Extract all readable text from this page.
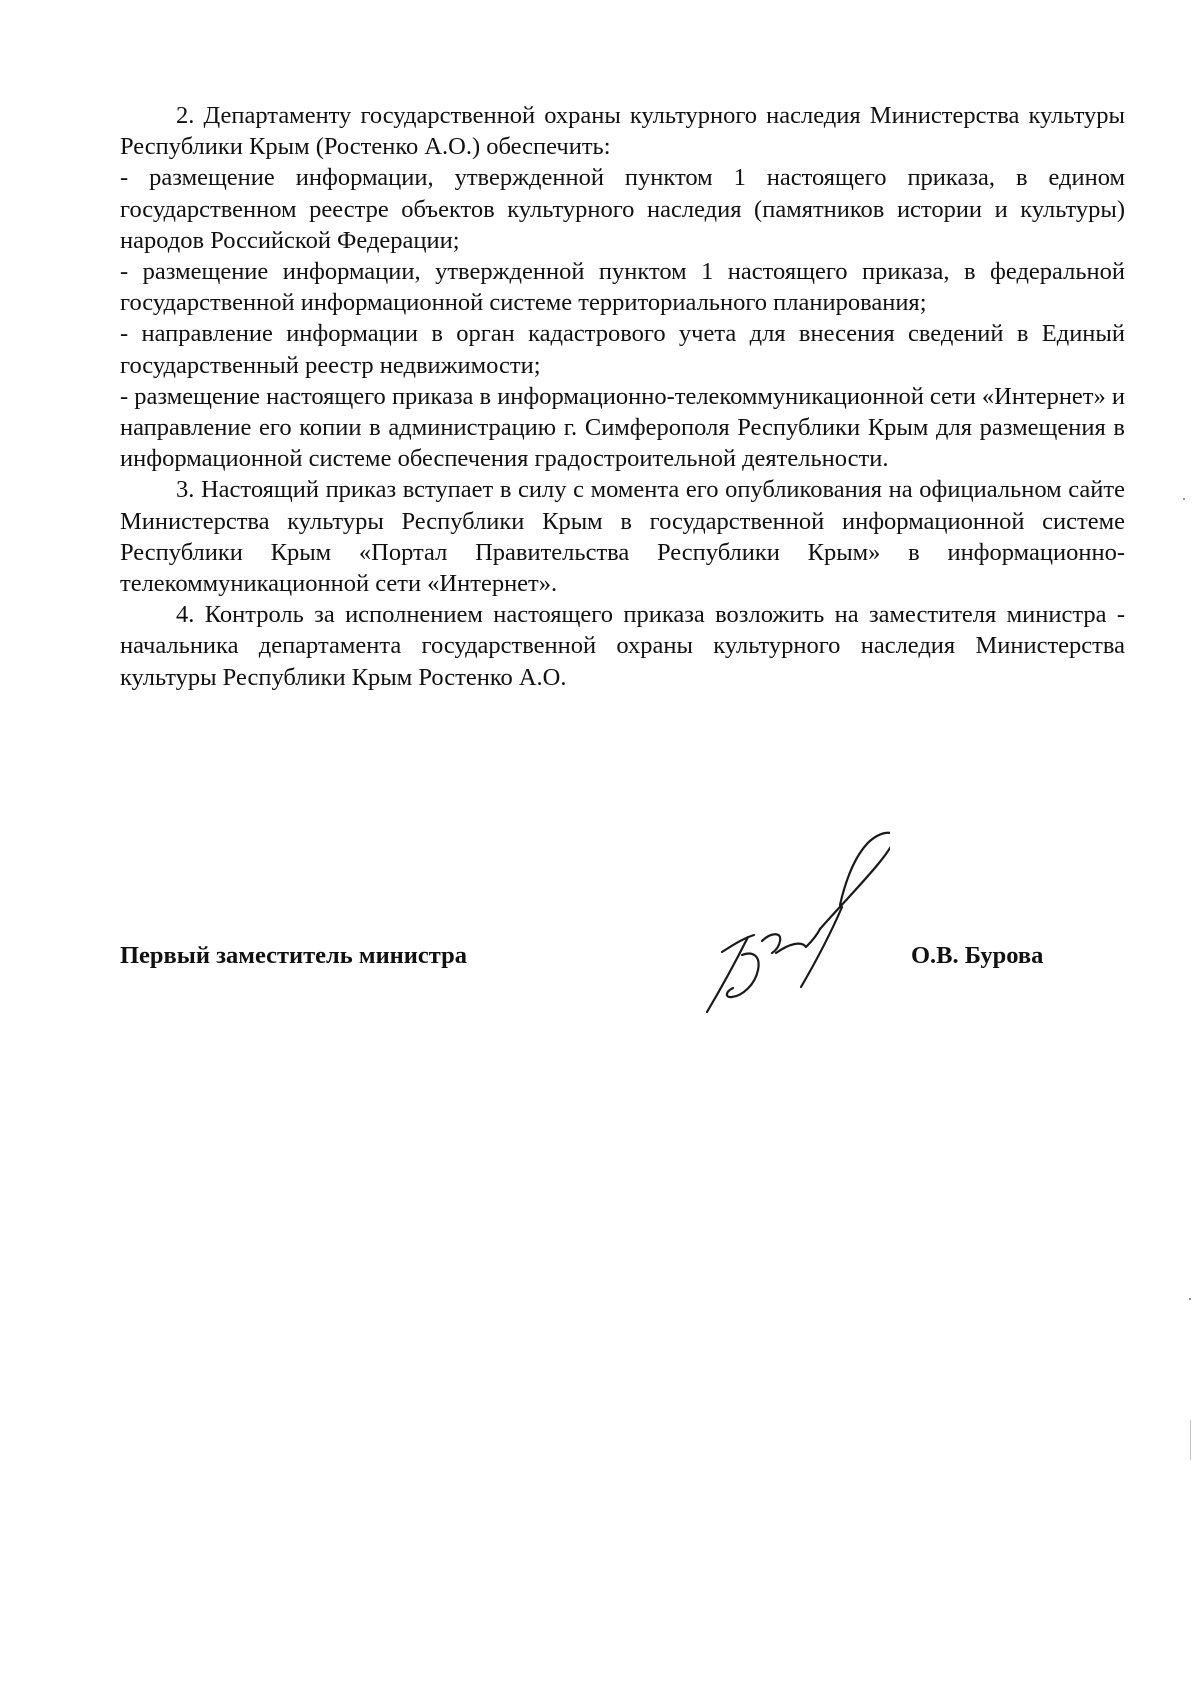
2. Департаменту государственной охраны культурного наследия Министерства культуры Республики Крым (Ростенко А.О.) обеспечить:

- размещение информации, утвержденной пунктом 1 настоящего приказа, в едином государственном реестре объектов культурного наследия (памятников истории и культуры) народов Российской Федерации;

- размещение информации, утвержденной пунктом 1 настоящего приказа, в федеральной государственной информационной системе территориального планирования;

- направление информации в орган кадастрового учета для внесения сведений в Единый государственный реестр недвижимости;

- размещение настоящего приказа в информационно-телекоммуникационной сети «Интернет» и направление его копии в администрацию г. Симферополя Республики Крым для размещения в информационной системе обеспечения градостроительной деятельности.

3. Настоящий приказ вступает в силу с момента его опубликования на официальном сайте Министерства культуры Республики Крым в государственной информационной системе Республики Крым «Портал Правительства Республики Крым» в информационно-телекоммуникационной сети «Интернет».

4. Контроль за исполнением настоящего приказа возложить на заместителя министра - начальника департамента государственной охраны культурного наследия Министерства культуры Республики Крым Ростенко А.О.

Первый заместитель министра	О.В. Бурова
